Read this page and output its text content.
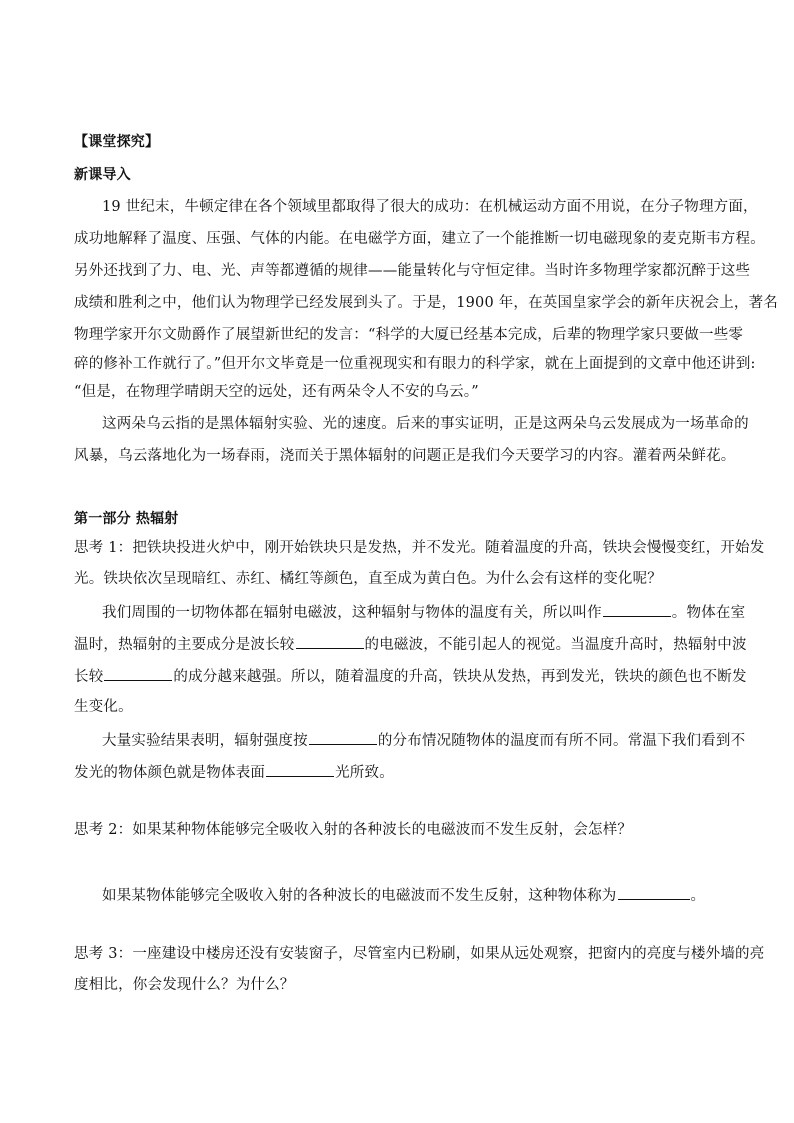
【课堂探究】
新课导入
19 世纪末，牛顿定律在各个领域里都取得了很大的成功：在机械运动方面不用说，在分子物理方面，
成功地解释了温度、压强、气体的内能。在电磁学方面，建立了一个能推断一切电磁现象的麦克斯韦方程。
另外还找到了力、电、光、声等都遵循的规律——能量转化与守恒定律。当时许多物理学家都沉醉于这些
成绩和胜利之中，他们认为物理学已经发展到头了。于是，1900 年，在英国皇家学会的新年庆祝会上，著名
物理学家开尔文勋爵作了展望新世纪的发言：“科学的大厦已经基本完成，后辈的物理学家只要做一些零
碎的修补工作就行了。”但开尔文毕竟是一位重视现实和有眼力的科学家，就在上面提到的文章中他还讲到:
“但是，在物理学晴朗天空的远处，还有两朵令人不安的乌云。”
这两朵乌云指的是黑体辐射实验、光的速度。后来的事实证明，正是这两朵乌云发展成为一场革命的
风暴，乌云落地化为一场春雨，浇而关于黑体辐射的问题正是我们今天要学习的内容。灌着两朵鲜花。
第一部分 热辐射
思考 1：把铁块投进火炉中，刚开始铁块只是发热，并不发光。随着温度的升高，铁块会慢慢变红，开始发
光。铁块依次呈现暗红、赤红、橘红等颜色，直至成为黄白色。为什么会有这样的变化呢？
我们周围的一切物体都在辐射电磁波，这种辐射与物体的温度有关，所以叫作	。物体在室
温时，热辐射的主要成分是波长较	的电磁波，不能引起人的视觉。当温度升高时，热辐射中波
长较	的成分越来越强。所以，随着温度的升高，铁块从发热，再到发光，铁块的颜色也不断发
生变化。
大量实验结果表明，辐射强度按	的分布情况随物体的温度而有所不同。常温下我们看到不
发光的物体颜色就是物体表面	光所致。
思考 2：如果某种物体能够完全吸收入射的各种波长的电磁波而不发生反射，会怎样？
如果某物体能够完全吸收入射的各种波长的电磁波而不发生反射，这种物体称为	。
思考 3：一座建设中楼房还没有安装窗子，尽管室内已粉刷，如果从远处观察，把窗内的亮度与楼外墙的亮
度相比，你会发现什么？为什么？
